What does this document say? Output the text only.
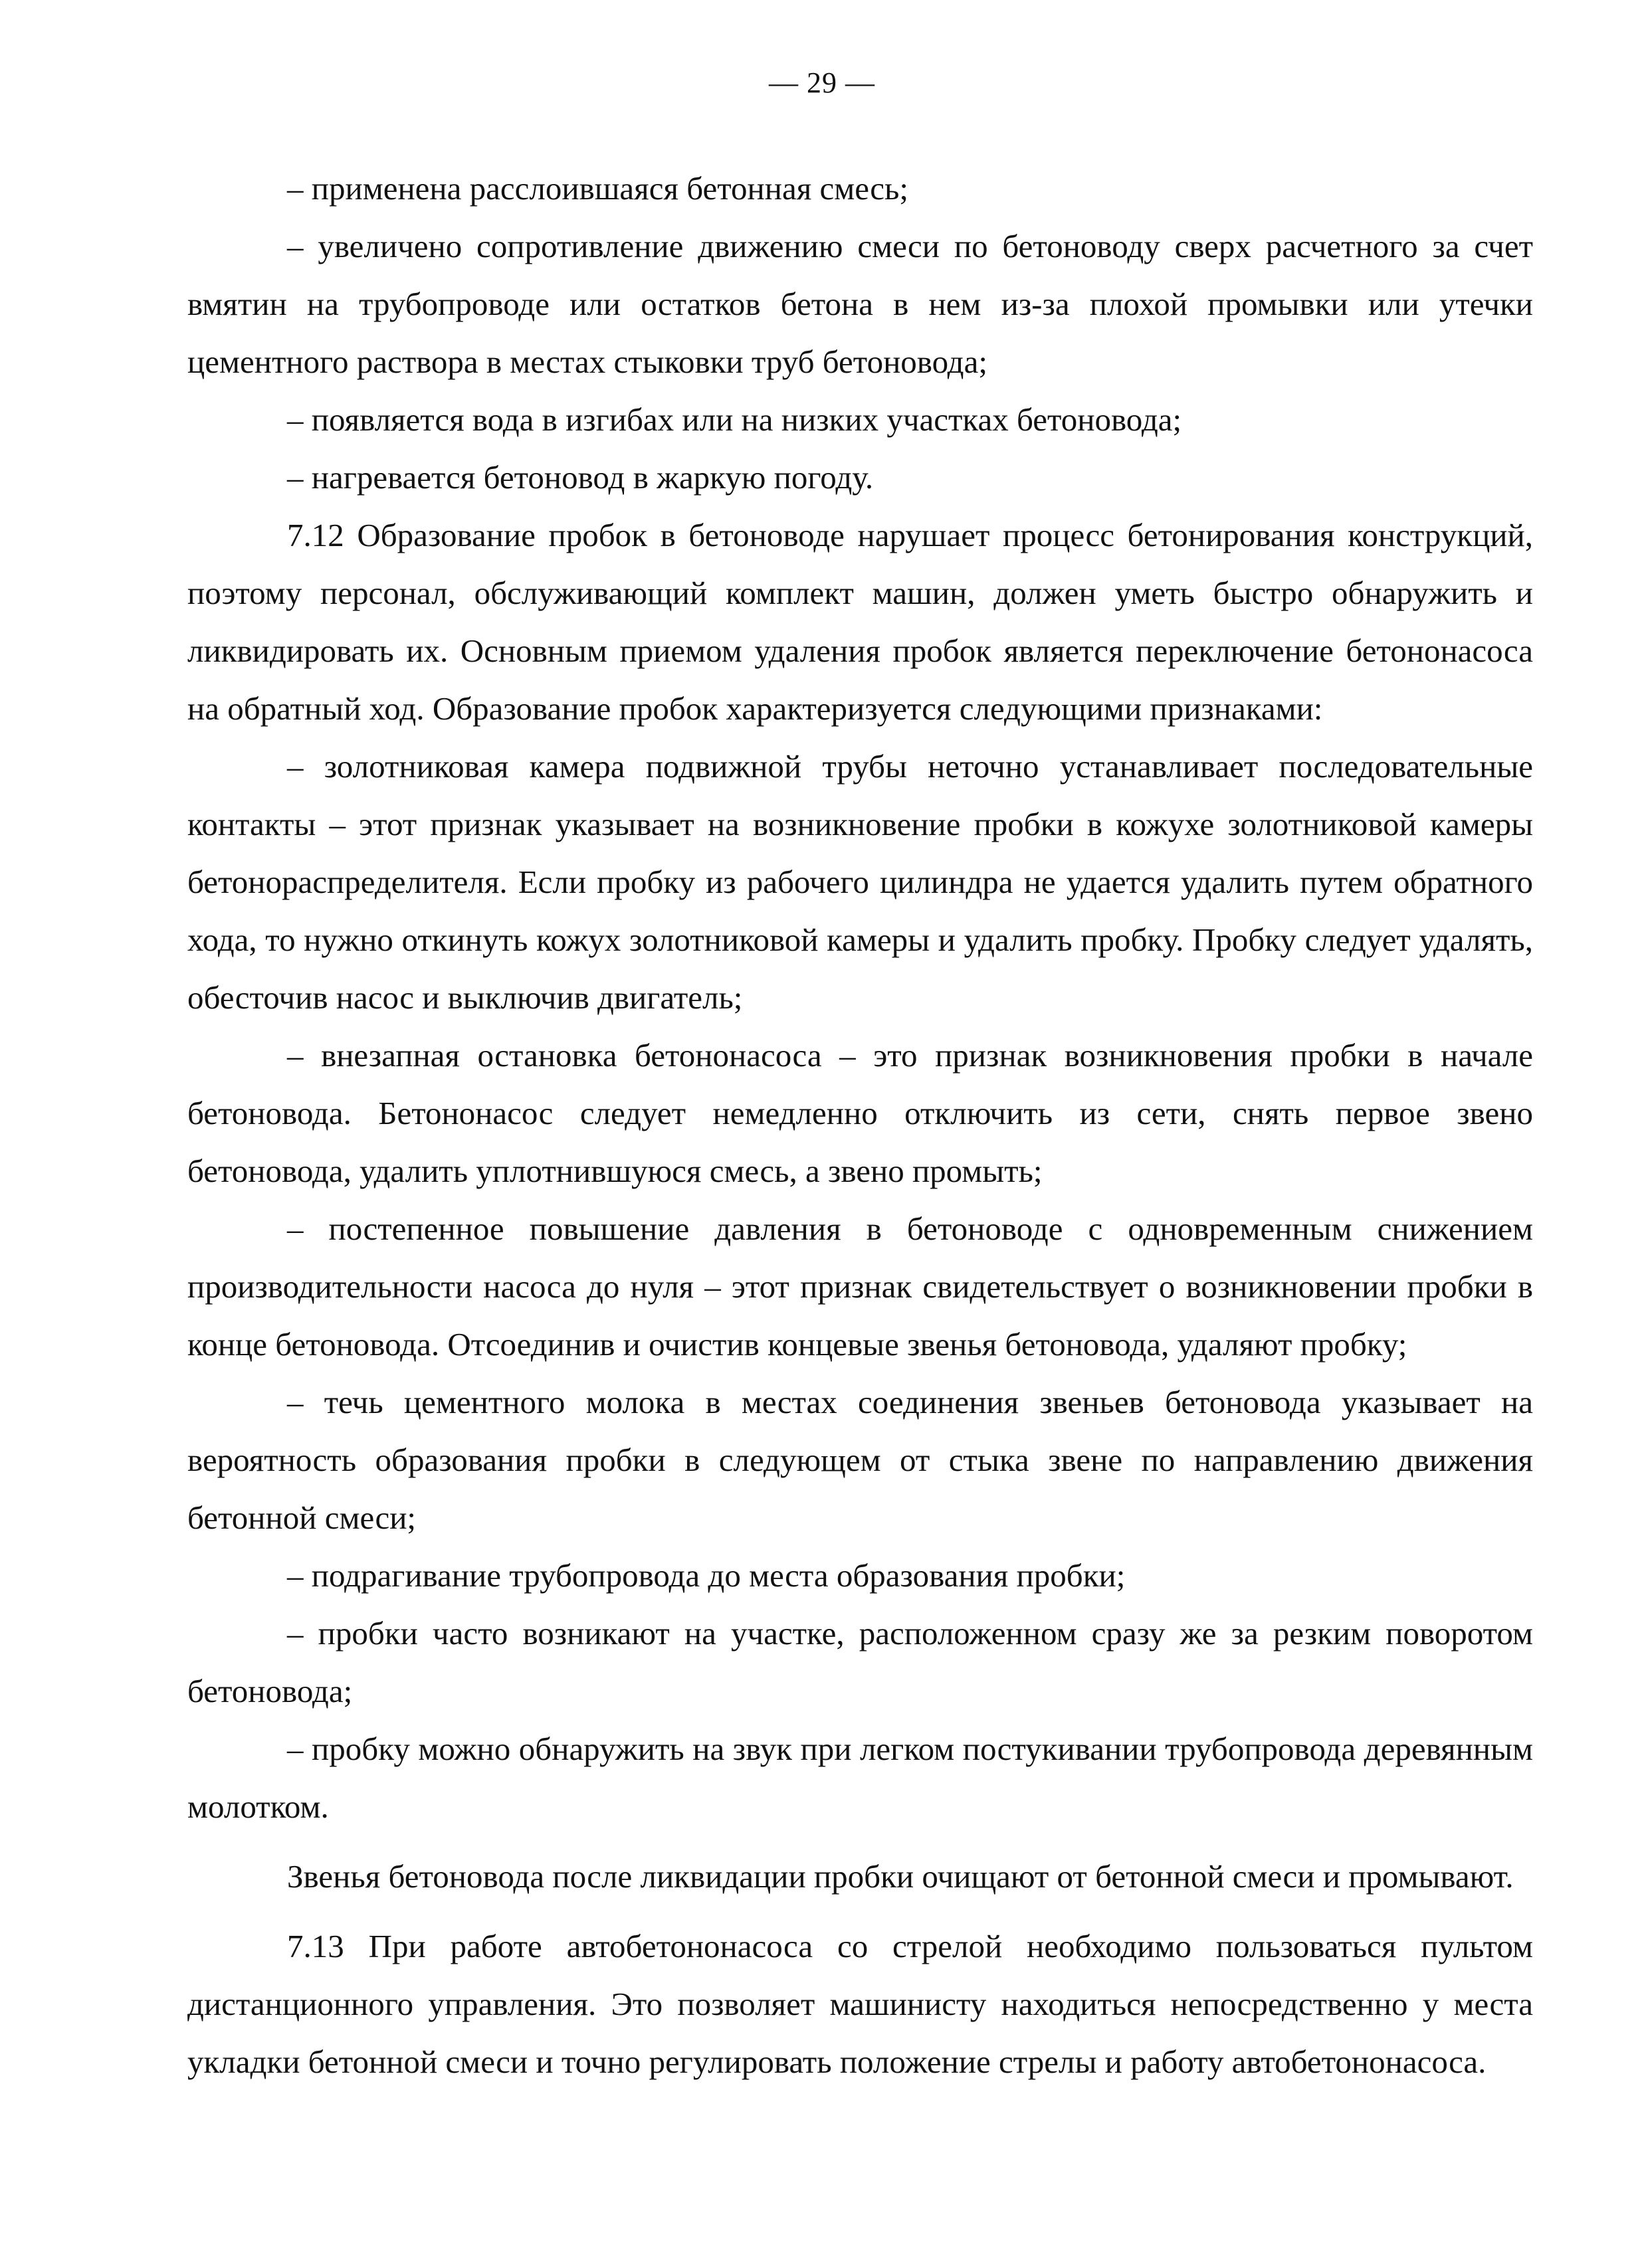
— 29 —

– применена расслоившаяся бетонная смесь;

– увеличено сопротивление движению смеси по бетоноводу сверх расчетного за счет вмятин на трубопроводе или остатков бетона в нем из-за плохой промывки или утечки цементного раствора в местах стыковки труб бетоновода;

– появляется вода в изгибах или на низких участках бетоновода;

– нагревается бетоновод в жаркую погоду.

7.12 Образование пробок в бетоноводе нарушает процесс бетонирования конструкций, поэтому персонал, обслуживающий комплект машин, должен уметь быстро обнаружить и ликвидировать их. Основным приемом удаления пробок является переключение бетононасоса на обратный ход. Образование пробок характеризуется следующими признаками:

– золотниковая камера подвижной трубы неточно устанавливает последовательные контакты – этот признак указывает на возникновение пробки в кожухе золотниковой камеры бетонораспределителя. Если пробку из рабочего цилиндра не удается удалить путем обратного хода, то нужно откинуть кожух золотниковой камеры и удалить пробку. Пробку следует удалять, обесточив насос и выключив двигатель;

– внезапная остановка бетононасоса – это признак возникновения пробки в начале бетоновода. Бетононасос следует немедленно отключить из сети, снять первое звено бетоновода, удалить уплотнившуюся смесь, а звено промыть;

– постепенное повышение давления в бетоноводе с одновременным снижением производительности насоса до нуля – этот признак свидетельствует о возникновении пробки в конце бетоновода. Отсоединив и очистив концевые звенья бетоновода, удаляют пробку;

– течь цементного молока в местах соединения звеньев бетоновода указывает на вероятность образования пробки в следующем от стыка звене по направлению движения бетонной смеси;

– подрагивание трубопровода до места образования пробки;

– пробки часто возникают на участке, расположенном сразу же за резким поворотом бетоновода;

– пробку можно обнаружить на звук при легком постукивании трубопровода деревянным молотком.

Звенья бетоновода после ликвидации пробки очищают от бетонной смеси и промывают.

7.13 При работе автобетононасоса со стрелой необходимо пользоваться пультом дистанционного управления. Это позволяет машинисту находиться непосредственно у места укладки бетонной смеси и точно регулировать положение стрелы и работу автобетононасоса.
